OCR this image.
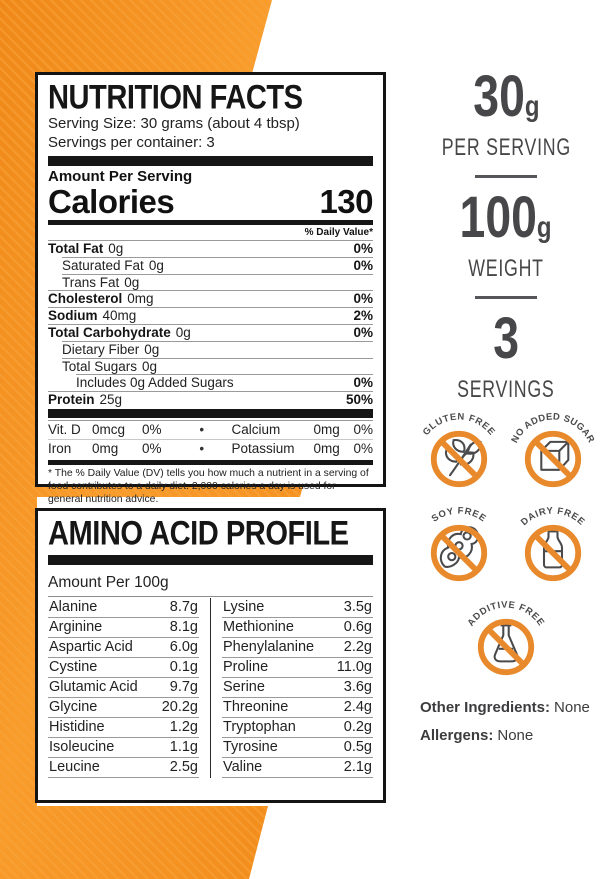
NUTRITION FACTS
Serving Size: 30 grams (about 4 tbsp)
Servings per container: 3
Amount Per Serving
Calories	130
% Daily Value*
Total Fat 0g	0%
Saturated Fat 0g	0%
Trans Fat 0g
Cholesterol 0mg	0%
Sodium 40mg	2%
Total Carbohydrate 0g	0%
Dietary Fiber 0g
Total Sugars 0g
Includes 0g Added Sugars	0%
Protein 25g	50%
Vit. D 0mcg	0%	•	Calcium	0mg	0%
Iron	0mg	0%	•	Potassium	0mg	0%
* The % Daily Value (DV) tells you how much a nutrient in a serving of food contributes to a daily diet. 2,000 calories a day is used for general nutrition advice.
AMINO ACID PROFILE
Amount Per 100g
Alanine	8.7g
Arginine	8.1g
Aspartic Acid	6.0g
Cystine	0.1g
Glutamic Acid 9.7g
Glycine	20.2g
Histidine	1.2g
Isoleucine	1.1g
Leucine	2.5g
Lysine	3.5g
Methionine	0.6g
Phenylalanine 2.2g
Proline	11.0g
Serine	3.6g
Threonine	2.4g
Tryptophan	0.2g
Tyrosine	0.5g
Valine	2.1g
30g
PER SERVING
100g
WEIGHT
3
SERVINGS
GLUTEN FREE
NO ADDED SUGAR
SOY FREE	DAIRY FREE
ADDITIVE FREE
Other Ingredients: None
Allergens: None
